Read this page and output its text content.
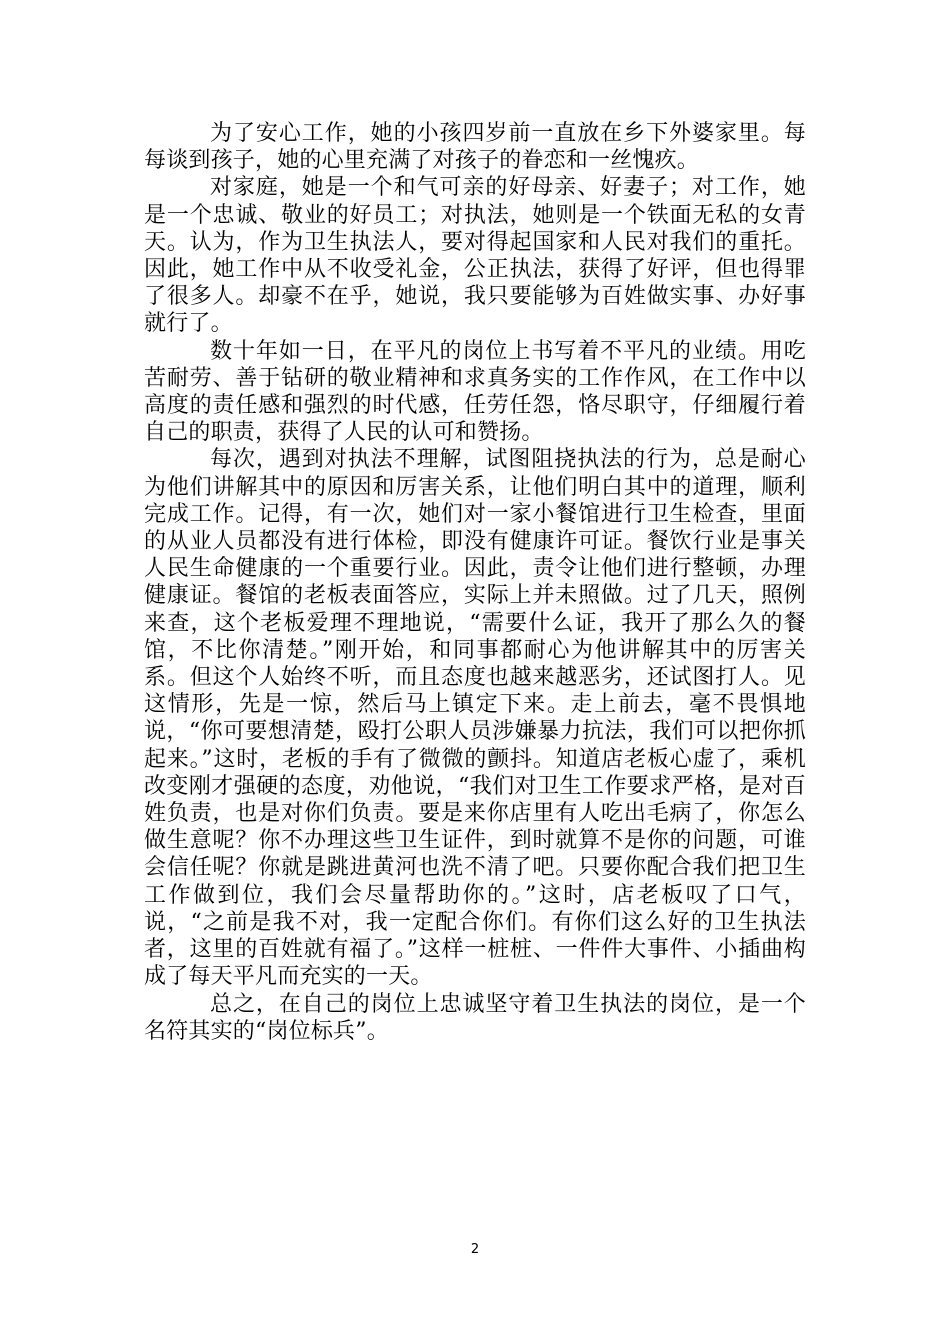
为了安心工作，她的小孩四岁前一直放在乡下外婆家里。每每谈到孩子，她的心里充满了对孩子的眷恋和一丝愧疚。

对家庭，她是一个和气可亲的好母亲、好妻子；对工作，她是一个忠诚、敬业的好员工；对执法，她则是一个铁面无私的女青天。认为，作为卫生执法人，要对得起国家和人民对我们的重托。因此，她工作中从不收受礼金，公正执法，获得了好评，但也得罪了很多人。却豪不在乎，她说，我只要能够为百姓做实事、办好事就行了。

数十年如一日，在平凡的岗位上书写着不平凡的业绩。用吃苦耐劳、善于钻研的敬业精神和求真务实的工作作风，在工作中以高度的责任感和强烈的时代感，任劳任怨，恪尽职守，仔细履行着自己的职责，获得了人民的认可和赞扬。

每次，遇到对执法不理解，试图阻挠执法的行为，总是耐心为他们讲解其中的原因和厉害关系，让他们明白其中的道理，顺利完成工作。记得，有一次，她们对一家小餐馆进行卫生检查，里面的从业人员都没有进行体检，即没有健康许可证。餐饮行业是事关人民生命健康的一个重要行业。因此，责令让他们进行整顿，办理健康证。餐馆的老板表面答应，实际上并未照做。过了几天，照例来查，这个老板爱理不理地说，“需要什么证，我开了那么久的餐馆，不比你清楚。”刚开始，和同事都耐心为他讲解其中的厉害关系。但这个人始终不听，而且态度也越来越恶劣，还试图打人。见这情形，先是一惊，然后马上镇定下来。走上前去，毫不畏惧地说，“你可要想清楚，殴打公职人员涉嫌暴力抗法，我们可以把你抓起来。”这时，老板的手有了微微的颤抖。知道店老板心虚了，乘机改变刚才强硬的态度，劝他说，“我们对卫生工作要求严格，是对百姓负责，也是对你们负责。要是来你店里有人吃出毛病了，你怎么做生意呢？你不办理这些卫生证件，到时就算不是你的问题，可谁会信任呢？你就是跳进黄河也洗不清了吧。只要你配合我们把卫生工作做到位，我们会尽量帮助你的。”这时，店老板叹了口气，说，“之前是我不对，我一定配合你们。有你们这么好的卫生执法者，这里的百姓就有福了。”这样一桩桩、一件件大事件、小插曲构成了每天平凡而充实的一天。

总之，在自己的岗位上忠诚坚守着卫生执法的岗位，是一个名符其实的“岗位标兵”。

2
